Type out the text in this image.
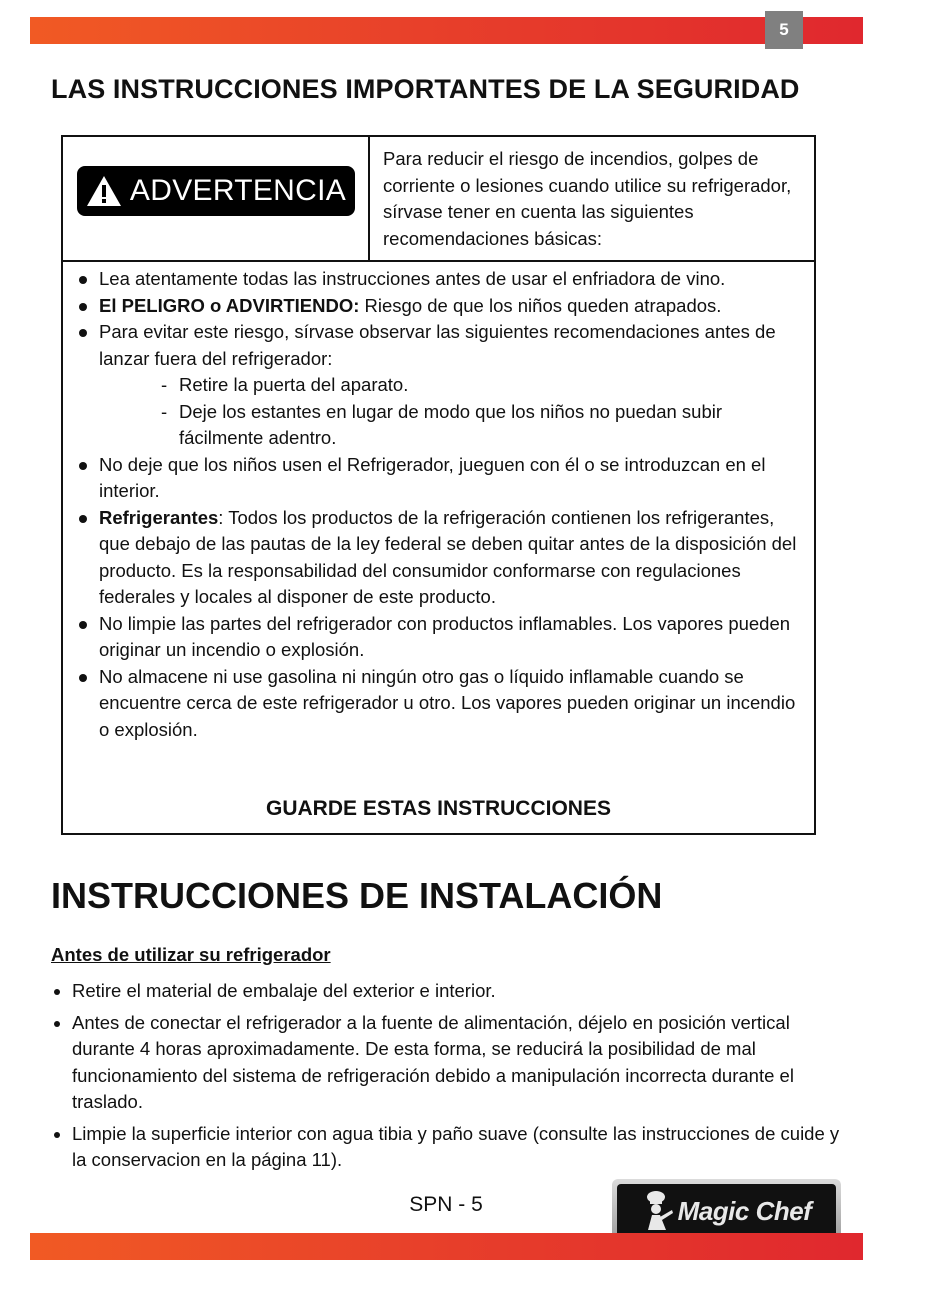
5
LAS INSTRUCCIONES IMPORTANTES DE LA SEGURIDAD
ADVERTENCIA

Para reducir el riesgo de incendios, golpes de corriente o lesiones cuando utilice su refrigerador, sírvase tener en cuenta las siguientes recomendaciones básicas:

Lea atentamente todas las instrucciones antes de usar el enfriadora de vino.
El PELIGRO o ADVIRTIENDO: Riesgo de que los niños queden atrapados.
Para evitar este riesgo, sírvase observar las siguientes recomendaciones antes de lanzar fuera del refrigerador:
- Retire la puerta del aparato.
- Deje los estantes en lugar de modo que los niños no puedan subir fácilmente adentro.
No deje que los niños usen el Refrigerador, jueguen con él o se introduzcan en el interior.
Refrigerantes: Todos los productos de la refrigeración contienen los refrigerantes, que debajo de las pautas de la ley federal se deben quitar antes de la disposición del producto. Es la responsabilidad del consumidor conformarse con regulaciones federales y locales al disponer de este producto.
No limpie las partes del refrigerador con productos inflamables. Los vapores pueden originar un incendio o explosión.
No almacene ni use gasolina ni ningún otro gas o líquido inflamable cuando se encuentre cerca de este refrigerador u otro. Los vapores pueden originar un incendio o explosión.
GUARDE ESTAS INSTRUCCIONES
INSTRUCCIONES DE INSTALACIÓN

Antes de utilizar su refrigerador

Retire el material de embalaje del exterior e interior.
Antes de conectar el refrigerador a la fuente de alimentación, déjelo en posición vertical durante 4 horas aproximadamente. De esta forma, se reducirá la posibilidad de mal funcionamiento del sistema de refrigeración debido a manipulación incorrecta durante el traslado.
Limpie la superficie interior con agua tibia y paño suave (consulte las instrucciones de cuide y la conservacion en la página 11).
SPN - 5	Magic Chef
